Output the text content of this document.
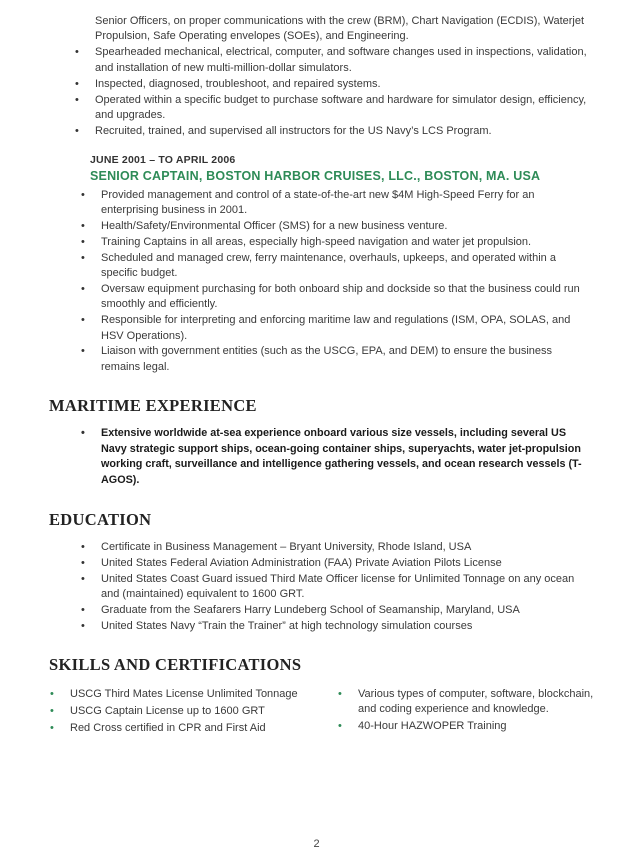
Senior Officers, on proper communications with the crew (BRM), Chart Navigation (ECDIS), Waterjet Propulsion, Safe Operating envelopes (SOEs), and Engineering.
• Spearheaded mechanical, electrical, computer, and software changes used in inspections, validation, and installation of new multi-million-dollar simulators.
• Inspected, diagnosed, troubleshoot, and repaired systems.
• Operated within a specific budget to purchase software and hardware for simulator design, efficiency, and upgrades.
• Recruited, trained, and supervised all instructors for the US Navy’s LCS Program.
JUNE 2001 – TO APRIL 2006
SENIOR CAPTAIN, BOSTON HARBOR CRUISES, LLC., BOSTON, MA. USA
• Provided management and control of a state-of-the-art new $4M High-Speed Ferry for an enterprising business in 2001.
• Health/Safety/Environmental Officer (SMS) for a new business venture.
• Training Captains in all areas, especially high-speed navigation and water jet propulsion.
• Scheduled and managed crew, ferry maintenance, overhauls, upkeeps, and operated within a specific budget.
• Oversaw equipment purchasing for both onboard ship and dockside so that the business could run smoothly and efficiently.
• Responsible for interpreting and enforcing maritime law and regulations (ISM, OPA, SOLAS, and HSV Operations).
• Liaison with government entities (such as the USCG, EPA, and DEM) to ensure the business remains legal.
MARITIME EXPERIENCE
• Extensive worldwide at-sea experience onboard various size vessels, including several US Navy strategic support ships, ocean-going container ships, superyachts, water jet-propulsion working craft, surveillance and intelligence gathering vessels, and ocean research vessels (T-AGOS).
EDUCATION
• Certificate in Business Management – Bryant University, Rhode Island, USA
• United States Federal Aviation Administration (FAA) Private Aviation Pilots License
• United States Coast Guard issued Third Mate Officer license for Unlimited Tonnage on any ocean and (maintained) equivalent to 1600 GRT.
• Graduate from the Seafarers Harry Lundeberg School of Seamanship, Maryland, USA
• United States Navy “Train the Trainer” at high technology simulation courses
SKILLS AND CERTIFICATIONS
• USCG Third Mates License Unlimited Tonnage
• USCG Captain License up to 1600 GRT
• Red Cross certified in CPR and First Aid
• Various types of computer, software, blockchain, and coding experience and knowledge.
• 40-Hour HAZWOPER Training
2
